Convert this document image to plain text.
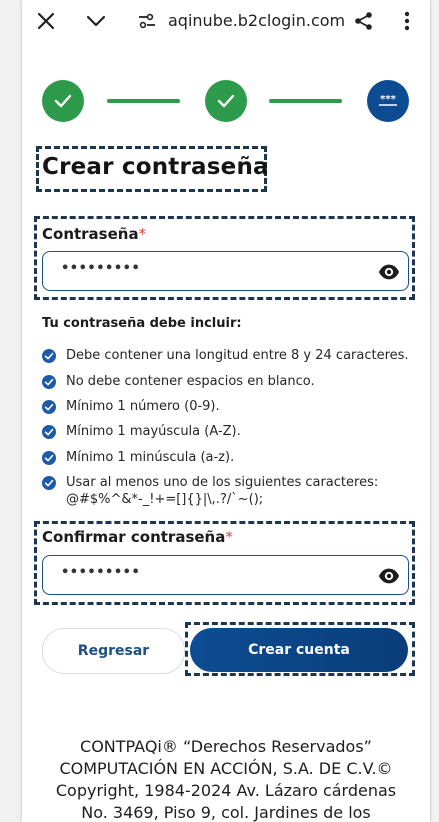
aqinube.b2clogin.com
***
Crear contraseña
Contraseña*
•••••••••
Tu contraseña debe incluir:
Debe contener una longitud entre 8 y 24 caracteres.
No debe contener espacios en blanco.
Mínimo 1 número (0-9).
Mínimo 1 mayúscula (A-Z).
Mínimo 1 minúscula (a-z).
Usar al menos uno de los siguientes caracteres:
@#$%^&*-_!+=[]{}|\,.?/`~();
Confirmar contraseña*
•••••••••
Regresar	Crear cuenta
CONTPAQi® “Derechos Reservados”
COMPUTACIÓN EN ACCIÓN, S.A. DE C.V.©
Copyright, 1984-2024 Av. Lázaro cárdenas
No. 3469, Piso 9, col. Jardines de los
